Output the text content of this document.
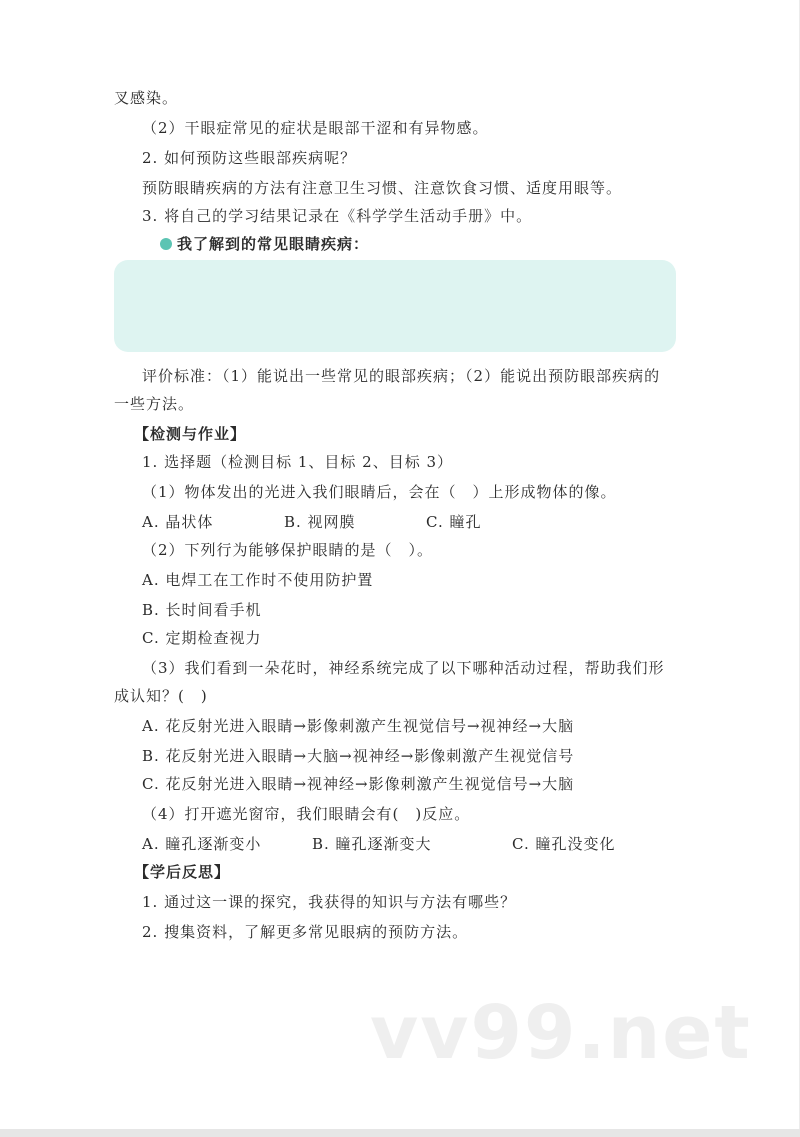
叉感染。
（2）干眼症常见的症状是眼部干涩和有异物感。
2. 如何预防这些眼部疾病呢？
预防眼睛疾病的方法有注意卫生习惯、注意饮食习惯、适度用眼等。
3. 将自己的学习结果记录在《科学学生活动手册》中。
我了解到的常见眼睛疾病：
评价标准：（1）能说出一些常见的眼部疾病；（2）能说出预防眼部疾病的
一些方法。
【检测与作业】
1. 选择题（检测目标 1、目标 2、目标 3）
（1）物体发出的光进入我们眼睛后，会在（　）上形成物体的像。
A. 晶状体	B. 视网膜	C. 瞳孔
（2）下列行为能够保护眼睛的是（　）。
A. 电焊工在工作时不使用防护置
B. 长时间看手机
C. 定期检查视力
（3）我们看到一朵花时，神经系统完成了以下哪种活动过程，帮助我们形
成认知？(　)
A. 花反射光进入眼睛→影像刺激产生视觉信号→视神经→大脑
B. 花反射光进入眼睛→大脑→视神经→影像刺激产生视觉信号
C. 花反射光进入眼睛→视神经→影像刺激产生视觉信号→大脑
（4）打开遮光窗帘，我们眼睛会有(　)反应。
A. 瞳孔逐渐变小	B. 瞳孔逐渐变大	C. 瞳孔没变化
【学后反思】
1. 通过这一课的探究，我获得的知识与方法有哪些？
2. 搜集资料，了解更多常见眼病的预防方法。
vv99.net
